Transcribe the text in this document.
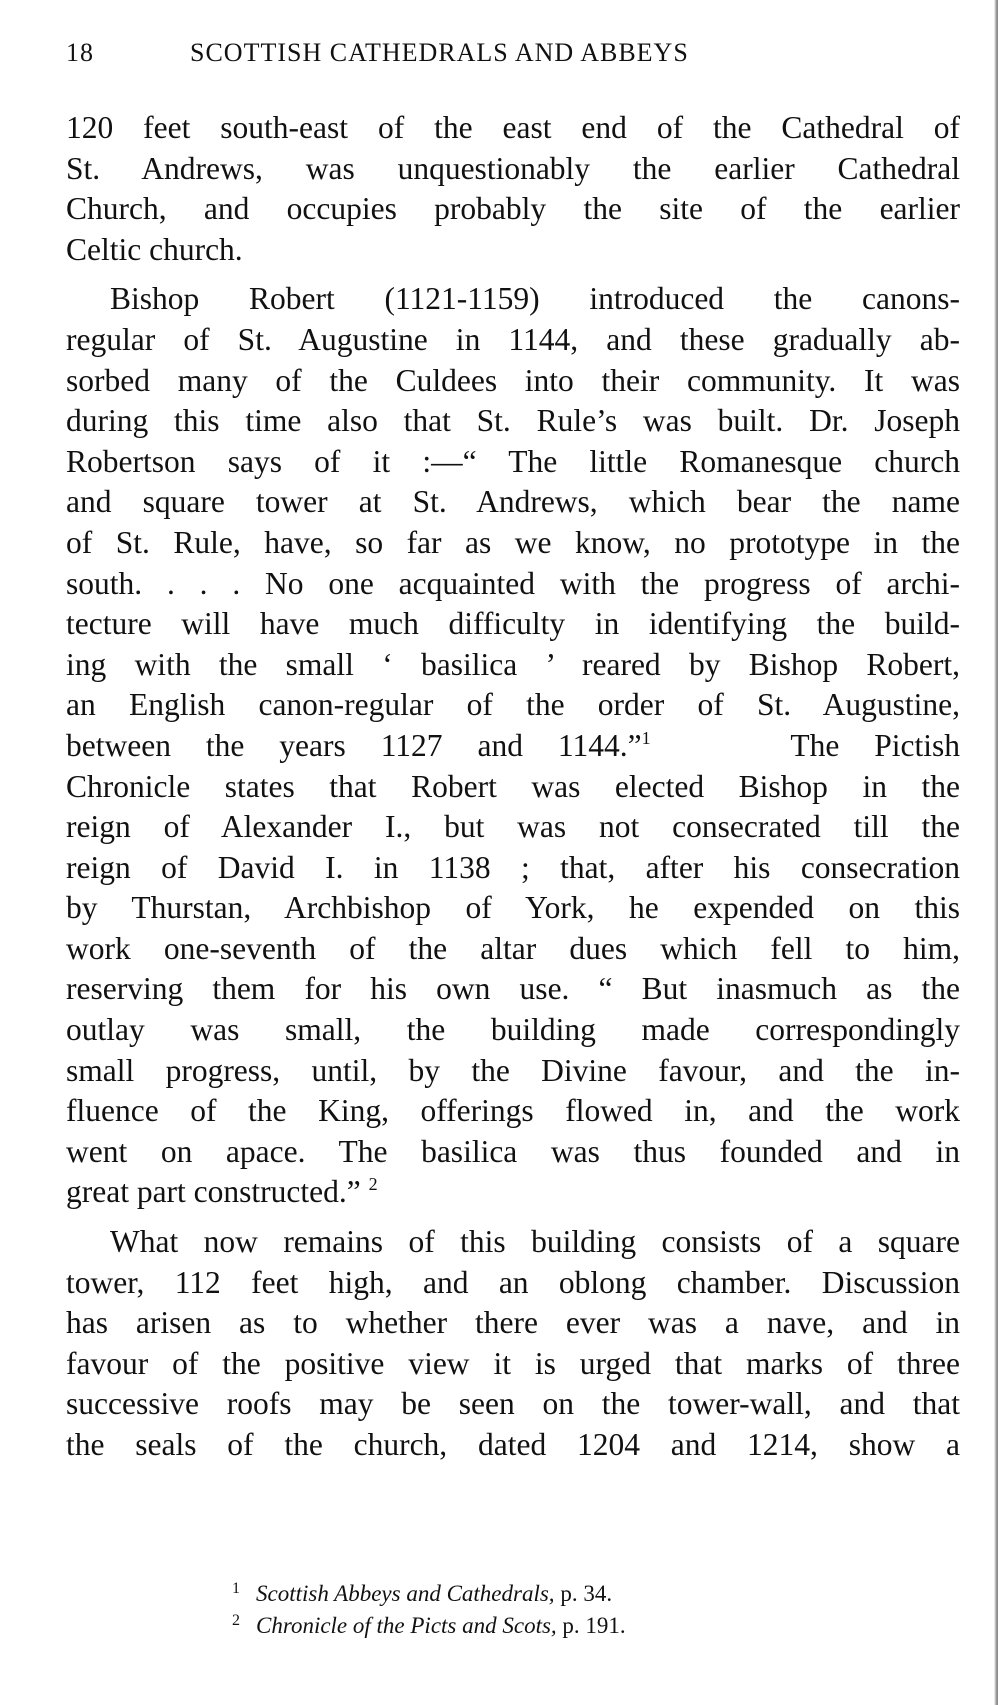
18	SCOTTISH CATHEDRALS AND ABBEYS
120 feet south-east of the east end of the Cathedral of
St. Andrews, was unquestionably the earlier Cathedral
Church, and occupies probably the site of the earlier
Celtic church.
Bishop Robert (1121-1159) introduced the canons-
regular of St. Augustine in 1144, and these gradually ab-
sorbed many of the Culdees into their community. It was
during this time also that St. Rule’s was built. Dr. Joseph
Robertson says of it :—“ The little Romanesque church
and square tower at St. Andrews, which bear the name
of St. Rule, have, so far as we know, no prototype in the
south. . . . No one acquainted with the progress of archi-
tecture will have much difficulty in identifying the build-
ing with the small ‘ basilica ’ reared by Bishop Robert,
an English canon-regular of the order of St. Augustine,
between the years 1127 and 1144.”$^1$	The Pictish
Chronicle states that Robert was elected Bishop in the
reign of Alexander I., but was not consecrated till the
reign of David I. in 1138 ; that, after his consecration
by Thurstan, Archbishop of York, he expended on this
work one-seventh of the altar dues which fell to him,
reserving them for his own use. “ But inasmuch as the
outlay was small, the building made correspondingly
small progress, until, by the Divine favour, and the in-
fluence of the King, offerings flowed in, and the work
went on apace. The basilica was thus founded and in
great part constructed.” $^2$
What now remains of this building consists of a square
tower, 112 feet high, and an oblong chamber. Discussion
has arisen as to whether there ever was a nave, and in
favour of the positive view it is urged that marks of three
successive roofs may be seen on the tower-wall, and that
the seals of the church, dated 1204 and 1214, show a
1 Scottish Abbeys and Cathedrals, p. 34.
2 Chronicle of the Picts and Scots, p. 191.
